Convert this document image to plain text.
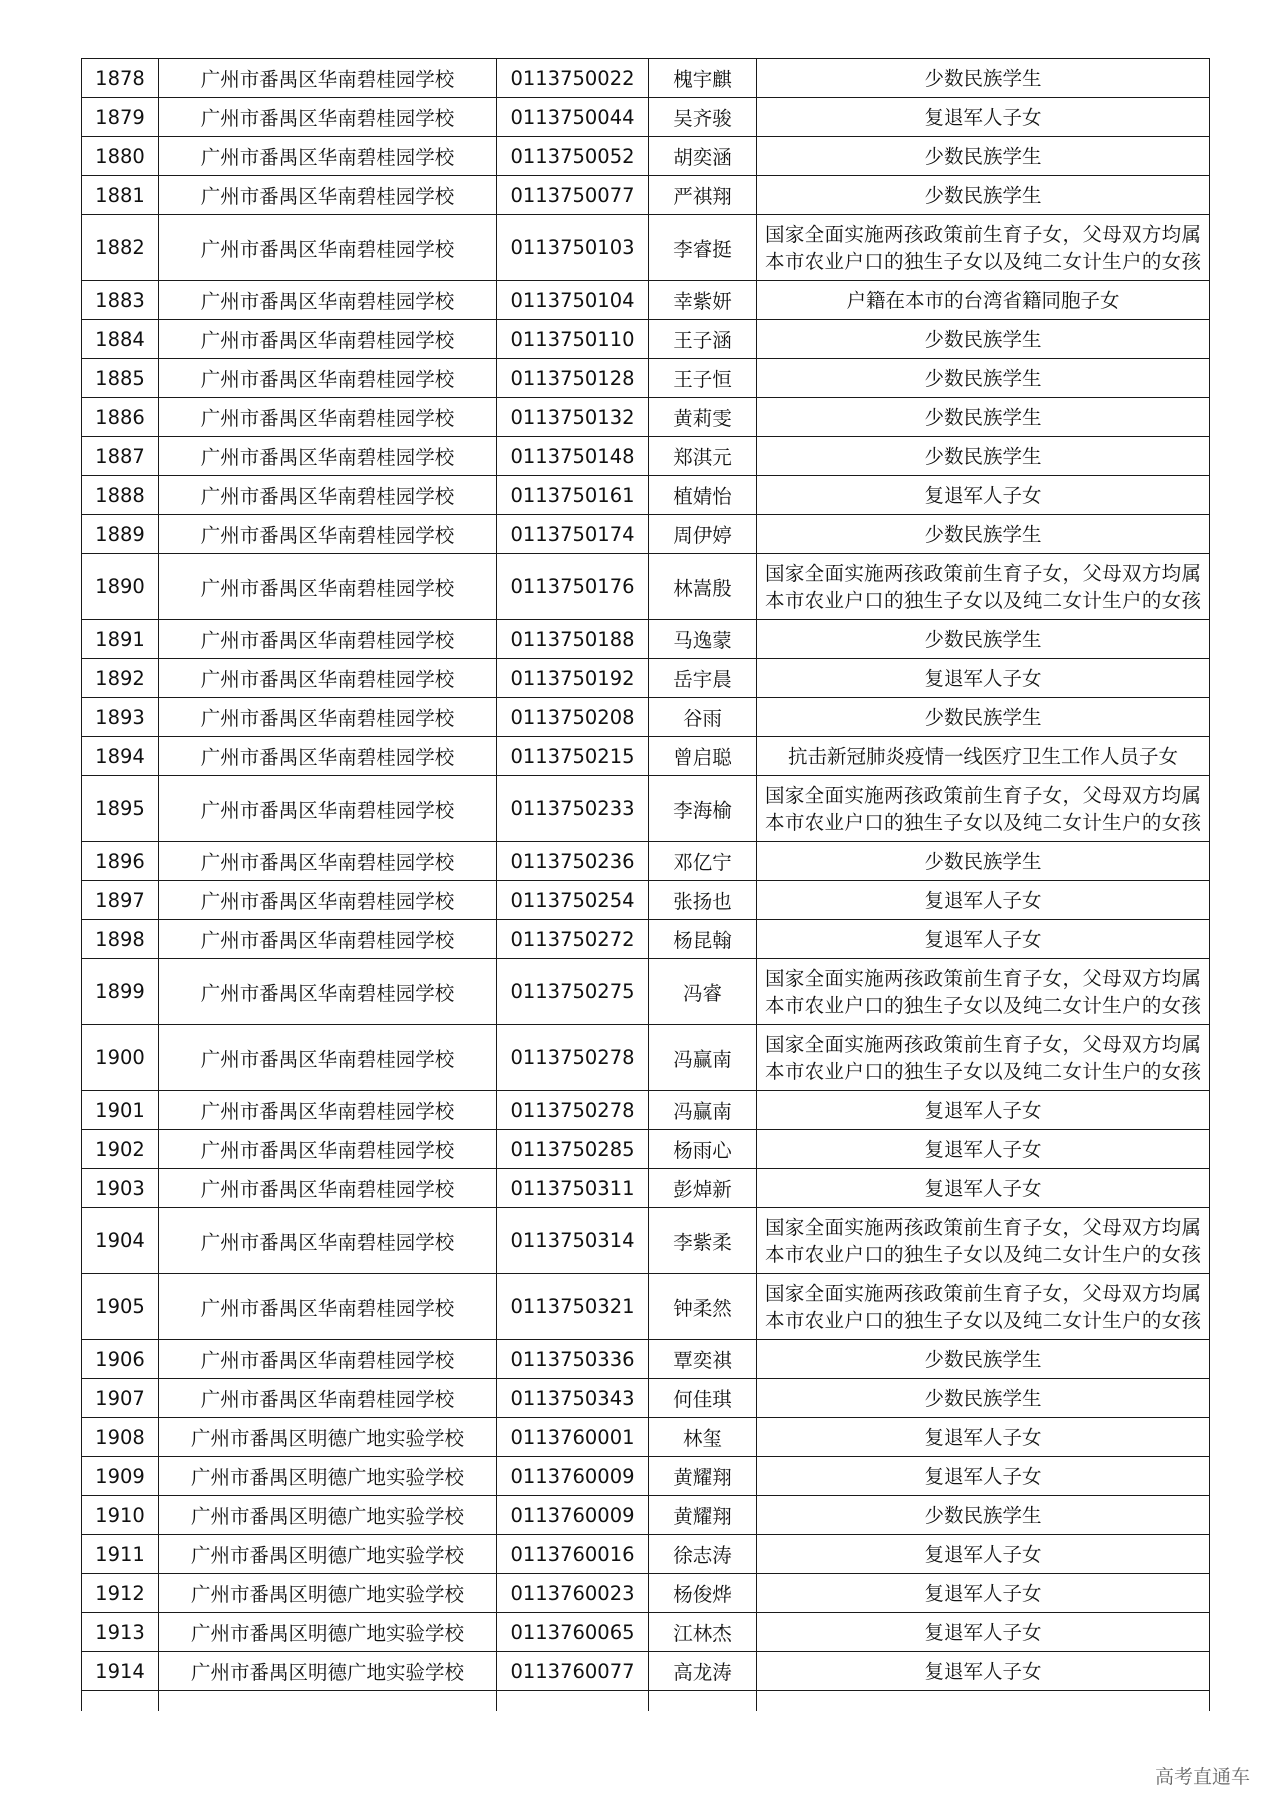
1878	广州市番禺区华南碧桂园学校	0113750022	槐宇麒	少数民族学生
1879	广州市番禺区华南碧桂园学校	0113750044	吴齐骏	复退军人子女
1880	广州市番禺区华南碧桂园学校	0113750052	胡奕涵	少数民族学生
1881	广州市番禺区华南碧桂园学校	0113750077	严祺翔	少数民族学生
1882	广州市番禺区华南碧桂园学校	0113750103	李睿挺	国家全面实施两孩政策前生育子女，父母双方均属本市农业户口的独生子女以及纯二女计生户的女孩
1883	广州市番禺区华南碧桂园学校	0113750104	幸紫妍	户籍在本市的台湾省籍同胞子女
1884	广州市番禺区华南碧桂园学校	0113750110	王子涵	少数民族学生
1885	广州市番禺区华南碧桂园学校	0113750128	王子恒	少数民族学生
1886	广州市番禺区华南碧桂园学校	0113750132	黄莉雯	少数民族学生
1887	广州市番禺区华南碧桂园学校	0113750148	郑淇元	少数民族学生
1888	广州市番禺区华南碧桂园学校	0113750161	植婧怡	复退军人子女
1889	广州市番禺区华南碧桂园学校	0113750174	周伊婷	少数民族学生
1890	广州市番禺区华南碧桂园学校	0113750176	林嵩殷	国家全面实施两孩政策前生育子女，父母双方均属本市农业户口的独生子女以及纯二女计生户的女孩
1891	广州市番禺区华南碧桂园学校	0113750188	马逸蒙	少数民族学生
1892	广州市番禺区华南碧桂园学校	0113750192	岳宇晨	复退军人子女
1893	广州市番禺区华南碧桂园学校	0113750208	谷雨	少数民族学生
1894	广州市番禺区华南碧桂园学校	0113750215	曾启聪	抗击新冠肺炎疫情一线医疗卫生工作人员子女
1895	广州市番禺区华南碧桂园学校	0113750233	李海榆	国家全面实施两孩政策前生育子女，父母双方均属本市农业户口的独生子女以及纯二女计生户的女孩
1896	广州市番禺区华南碧桂园学校	0113750236	邓亿宁	少数民族学生
1897	广州市番禺区华南碧桂园学校	0113750254	张扬也	复退军人子女
1898	广州市番禺区华南碧桂园学校	0113750272	杨昆翰	复退军人子女
1899	广州市番禺区华南碧桂园学校	0113750275	冯睿	国家全面实施两孩政策前生育子女，父母双方均属本市农业户口的独生子女以及纯二女计生户的女孩
1900	广州市番禺区华南碧桂园学校	0113750278	冯赢南	国家全面实施两孩政策前生育子女，父母双方均属本市农业户口的独生子女以及纯二女计生户的女孩
1901	广州市番禺区华南碧桂园学校	0113750278	冯赢南	复退军人子女
1902	广州市番禺区华南碧桂园学校	0113750285	杨雨心	复退军人子女
1903	广州市番禺区华南碧桂园学校	0113750311	彭焯新	复退军人子女
1904	广州市番禺区华南碧桂园学校	0113750314	李紫柔	国家全面实施两孩政策前生育子女，父母双方均属本市农业户口的独生子女以及纯二女计生户的女孩
1905	广州市番禺区华南碧桂园学校	0113750321	钟柔然	国家全面实施两孩政策前生育子女，父母双方均属本市农业户口的独生子女以及纯二女计生户的女孩
1906	广州市番禺区华南碧桂园学校	0113750336	覃奕祺	少数民族学生
1907	广州市番禺区华南碧桂园学校	0113750343	何佳琪	少数民族学生
1908	广州市番禺区明德广地实验学校	0113760001	林玺	复退军人子女
1909	广州市番禺区明德广地实验学校	0113760009	黄耀翔	复退军人子女
1910	广州市番禺区明德广地实验学校	0113760009	黄耀翔	少数民族学生
1911	广州市番禺区明德广地实验学校	0113760016	徐志涛	复退军人子女
1912	广州市番禺区明德广地实验学校	0113760023	杨俊烨	复退军人子女
1913	广州市番禺区明德广地实验学校	0113760065	江林杰	复退军人子女
1914	广州市番禺区明德广地实验学校	0113760077	高龙涛	复退军人子女

高考直通车
